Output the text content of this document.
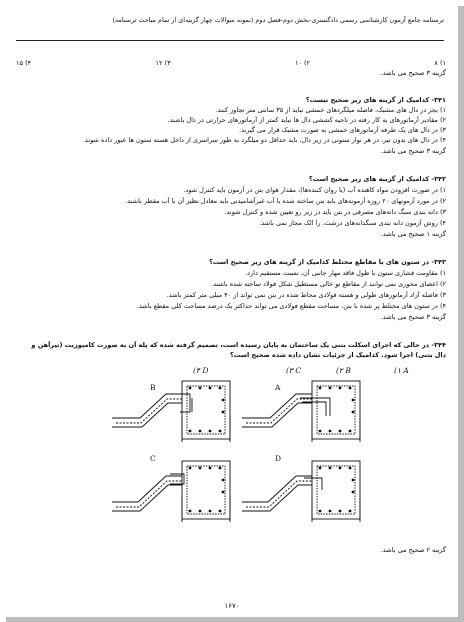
ترسنامه جامع آزمون کارشناسی رسمی دادگستری-بخش دوم-فصل دوم (نمونه سوالات چهار گزینه‌ای از تمام مباحث ترسنامه)
۱) ۸
۲) ۱۰
۳) ۱۲
۴) ۱۵
گزینه ۳ صحیح می باشد.
۳۴۱- کدامیک از گزینه های زیر صحیح نیست؟
۱) بجز در دال های مشبک، فاصله میلگردهای خمشی نباید از ۳۵ سانتی متر تجاوز کنند.
۲) مقادیر آرماتورهای به کار رفته در ناحیه کششی دال ها نباید کمتر از آرماتورهای حرارتی در دال باشند.
۳) در دال های یک طرفه آرماتورهای خمشی به صورت مشبک قرار می گیرند.
۴) در دال های بدون تیر، در هر نوار ستونی در زیر دال، باید حداقل دو میلگرد به طور سراسری از داخل هسته ستون ها عبور داده شوند.
گزینه ۳ صحیح می باشد.
۳۴۲- کدامیک از گزینه های زیر صحیح است؟
۱) در صورت افزودن مواد کاهنده آب (یا روان کننده‌ها)، مقدار هوای بتن در آزمون باید کنترل شود.
۲) در مورد آزمونهای ۲۰ روزه آزمونه‌های باید بتن ساخته شده با آب غیرآشامیدنی باید معادل نظیر آن با آب مقطر باشند.
۳) دانه بندی سنگ دانه‌های مصرفی در بتن باید در زیر رو تعیین شده و کنترل شوند.
۴) روش آزمون دانه بندی سنگدانه‌های درشت، را الک مجاز نمی باشد.
گزینه ۱ صحیح می باشد.
۳۴۳- در ستون های با مقاطع مختلط کدامیک از گزینه های زیر صحیح است؟
۱) مقاومت فشاری ستون با طول فاقد مهار جانبی آن، نسبت مستقیم دارد.
۲) اعضای محوری نمی توانند از مقاطع تو خالی مستطیل شکل فولاد ساخته شده باشند.
۳) فاصله آزاد آرماتورهای طولی و هسته فولادی محاط شده در بتن نمی تواند از ۴۰ میلی متر کمتر باشد.
۴) در ستون های مختلط پر شده با بتن، مساحت مقطع فولادی می تواند حداکثر یک درصد مساحت کلی مقطع باشد.
گزینه ۳ صحیح می باشد.
۳۴۴- در حالی که اجرای اسکلت بتنی یک ساختمان به پایان رسیده است، تصمیم گرفته شده که پله آن به صورت کامپوزیت (تیرآهن و
دال بتنی) اجرا شود. کدامیک از جزئیات نشان داده شده صحیح است؟
(۴ D	(۳ C	(۲ B	(۱ A
B	A
C	D
گزینه ۲ صحیح می باشد.
۱۶۷۰
